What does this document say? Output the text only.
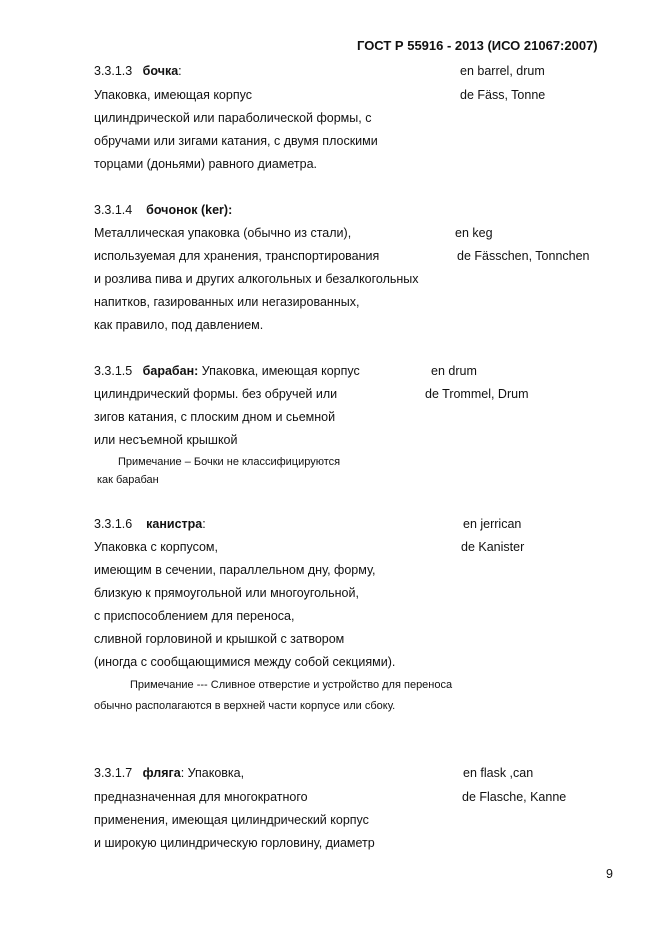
ГОСТ Р 55916 - 2013 (ИСО 21067:2007)
3.3.1.3 бочка:
Упаковка, имеющая корпус
цилиндрической или параболической формы, с
обручами или зигами катания, с двумя плоскими
торцами (доньями) равного диаметра.
en barrel, drum
de Fäss, Tonne
3.3.1.4 бочонок (ker):
Металлическая упаковка (обычно из стали),
используемая для хранения, транспортирования
и розлива пива и других алкогольных и безалкогольных
напитков, газированных или негазированных,
как правило, под давлением.
en keg
de Fässchen, Tonnchen
3.3.1.5 барабан: Упаковка, имеющая корпус
цилиндрический формы. без обручей или
зигов катания, с плоским дном и сьемной
или несъемной крышкой
Примечание – Бочки не классифицируются
как барабан
en drum
de Trommel, Drum
3.3.1.6 канистра:
Упаковка с корпусом,
имеющим в сечении, параллельном дну, форму,
близкую к прямоугольной или многоугольной,
с приспособлением для переноса,
сливной горловиной и крышкой с затвором
(иногда с сообщающимися между собой секциями).
Примечание --- Сливное отверстие и устройство для переноса
обычно располагаются в верхней части корпусе или сбоку.
en jerrican
de Kanister
3.3.1.7 фляга: Упаковка,
предназначенная для многократного
применения, имеющая цилиндрический корпус
и широкую цилиндрическую горловину, диаметр
en flask ,can
de Flasche, Kanne
9
